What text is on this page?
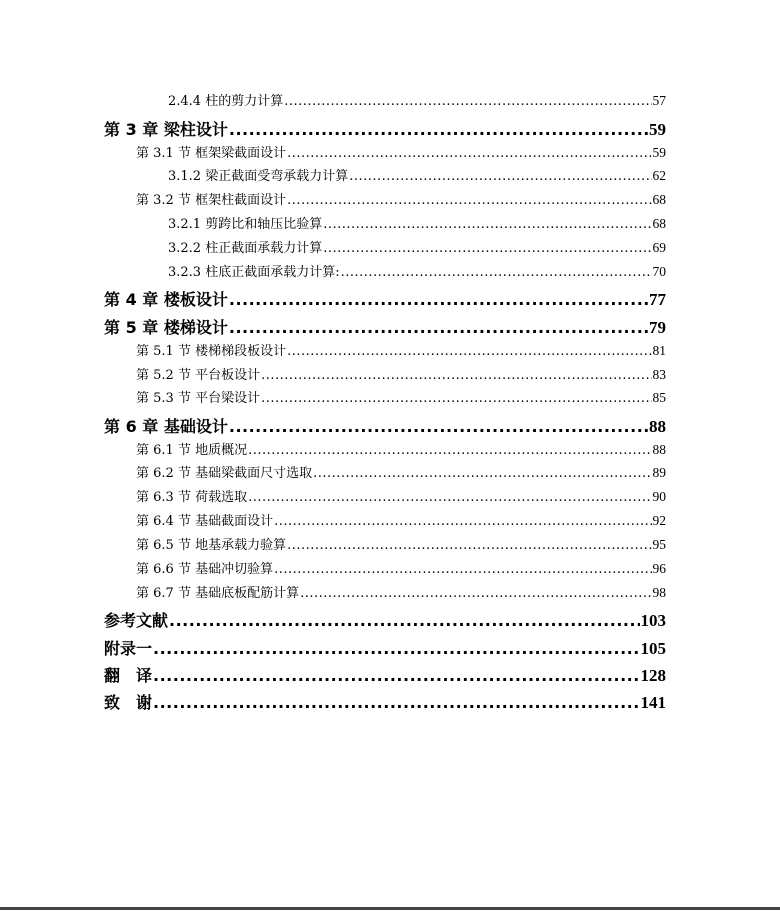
2.4.4 柱的剪力计算 .....	57
第 3 章 梁柱设计 .....	59
第 3.1 节 框架梁截面设计 .....	59
3.1.2 梁正截面受弯承载力计算 .....	62
第 3.2 节 框架柱截面设计 .....	68
3.2.1 剪跨比和轴压比验算 .....	68
3.2.2 柱正截面承载力计算 .....	69
3.2.3 柱底正截面承载力计算: .....	70
第 4 章 楼板设计 .....	77
第 5 章 楼梯设计 .....	79
第 5.1 节 楼梯梯段板设计 .....	81
第 5.2 节 平台板设计 .....	83
第 5.3 节 平台梁设计 .....	85
第 6 章 基础设计 .....	88
第 6.1 节 地质概况 .....	88
第 6.2 节 基础梁截面尺寸选取 .....	89
第 6.3 节 荷载选取 .....	90
第 6.4 节 基础截面设计 .....	92
第 6.5 节 地基承载力验算 .....	95
第 6.6 节 基础冲切验算 .....	96
第 6.7 节 基础底板配筋计算 .....	98
参考文献 .....	103
附录一 .....	105
翻　译 .....	128
致　谢 .....	141
